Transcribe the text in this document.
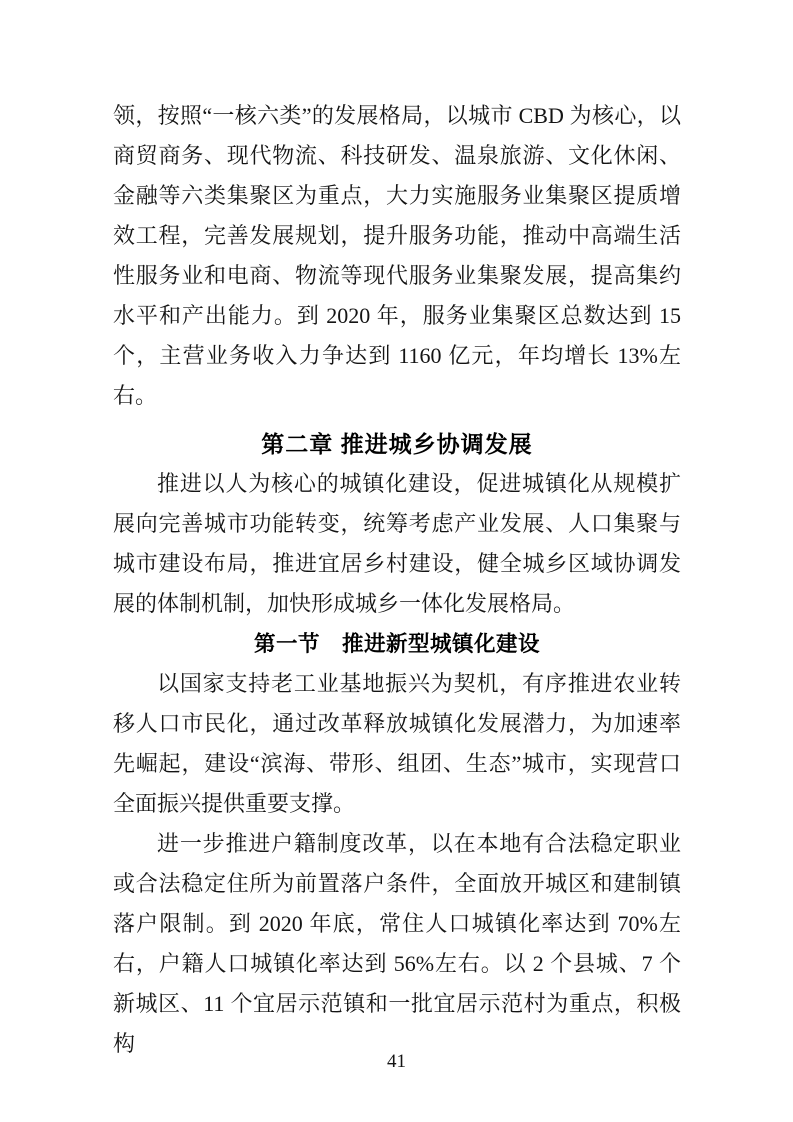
领，按照“一核六类”的发展格局，以城市 CBD 为核心，以商贸商务、现代物流、科技研发、温泉旅游、文化休闲、金融等六类集聚区为重点，大力实施服务业集聚区提质增效工程，完善发展规划，提升服务功能，推动中高端生活性服务业和电商、物流等现代服务业集聚发展，提高集约水平和产出能力。到 2020 年，服务业集聚区总数达到 15 个，主营业务收入力争达到 1160 亿元，年均增长 13%左右。

第二章 推进城乡协调发展

推进以人为核心的城镇化建设，促进城镇化从规模扩展向完善城市功能转变，统筹考虑产业发展、人口集聚与城市建设布局，推进宜居乡村建设，健全城乡区域协调发展的体制机制，加快形成城乡一体化发展格局。

第一节　推进新型城镇化建设

以国家支持老工业基地振兴为契机，有序推进农业转移人口市民化，通过改革释放城镇化发展潜力，为加速率先崛起，建设“滨海、带形、组团、生态”城市，实现营口全面振兴提供重要支撑。

进一步推进户籍制度改革，以在本地有合法稳定职业或合法稳定住所为前置落户条件，全面放开城区和建制镇落户限制。到 2020 年底，常住人口城镇化率达到 70%左右，户籍人口城镇化率达到 56%左右。以 2 个县城、7 个新城区、11 个宜居示范镇和一批宜居示范村为重点，积极构

41
